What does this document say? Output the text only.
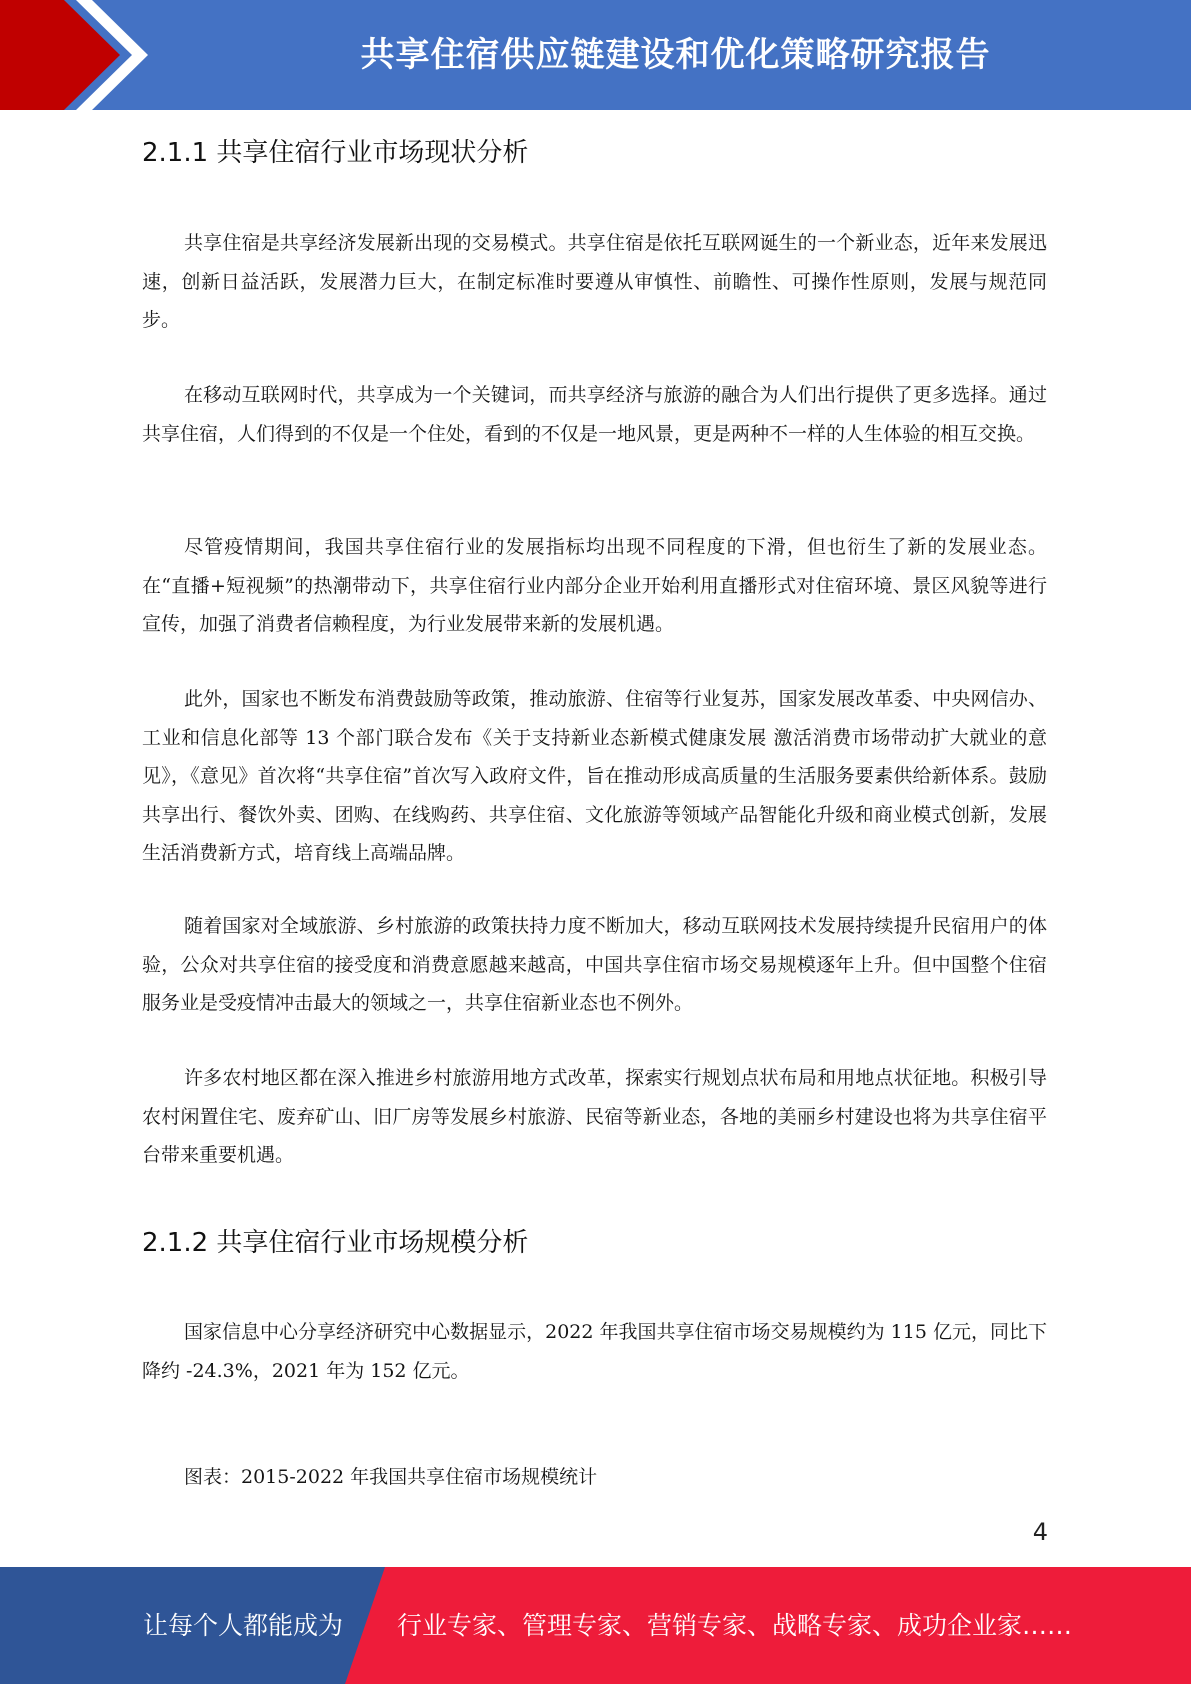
共享住宿供应链建设和优化策略研究报告
2.1.1 共享住宿行业市场现状分析

共享住宿是共享经济发展新出现的交易模式。共享住宿是依托互联网诞生的一个新业态，近年来发展迅速，创新日益活跃，发展潜力巨大，在制定标准时要遵从审慎性、前瞻性、可操作性原则，发展与规范同步。

在移动互联网时代，共享成为一个关键词，而共享经济与旅游的融合为人们出行提供了更多选择。通过共享住宿，人们得到的不仅是一个住处，看到的不仅是一地风景，更是两种不一样的人生体验的相互交换。

尽管疫情期间，我国共享住宿行业的发展指标均出现不同程度的下滑，但也衍生了新的发展业态。在“直播+短视频”的热潮带动下，共享住宿行业内部分企业开始利用直播形式对住宿环境、景区风貌等进行宣传，加强了消费者信赖程度，为行业发展带来新的发展机遇。

此外，国家也不断发布消费鼓励等政策，推动旅游、住宿等行业复苏，国家发展改革委、中央网信办、工业和信息化部等 13 个部门联合发布《关于支持新业态新模式健康发展 激活消费市场带动扩大就业的意见》，《意见》首次将“共享住宿”首次写入政府文件，旨在推动形成高质量的生活服务要素供给新体系。鼓励共享出行、餐饮外卖、团购、在线购药、共享住宿、文化旅游等领域产品智能化升级和商业模式创新，发展生活消费新方式，培育线上高端品牌。

随着国家对全域旅游、乡村旅游的政策扶持力度不断加大，移动互联网技术发展持续提升民宿用户的体验，公众对共享住宿的接受度和消费意愿越来越高，中国共享住宿市场交易规模逐年上升。但中国整个住宿服务业是受疫情冲击最大的领域之一，共享住宿新业态也不例外。

许多农村地区都在深入推进乡村旅游用地方式改革，探索实行规划点状布局和用地点状征地。积极引导农村闲置住宅、废弃矿山、旧厂房等发展乡村旅游、民宿等新业态，各地的美丽乡村建设也将为共享住宿平台带来重要机遇。

2.1.2 共享住宿行业市场规模分析

国家信息中心分享经济研究中心数据显示，2022 年我国共享住宿市场交易规模约为 115 亿元，同比下降约 -24.3%，2021 年为 152 亿元。

图表：2015-2022 年我国共享住宿市场规模统计

4
让每个人都能成为 行业专家、管理专家、营销专家、战略专家、成功企业家……
